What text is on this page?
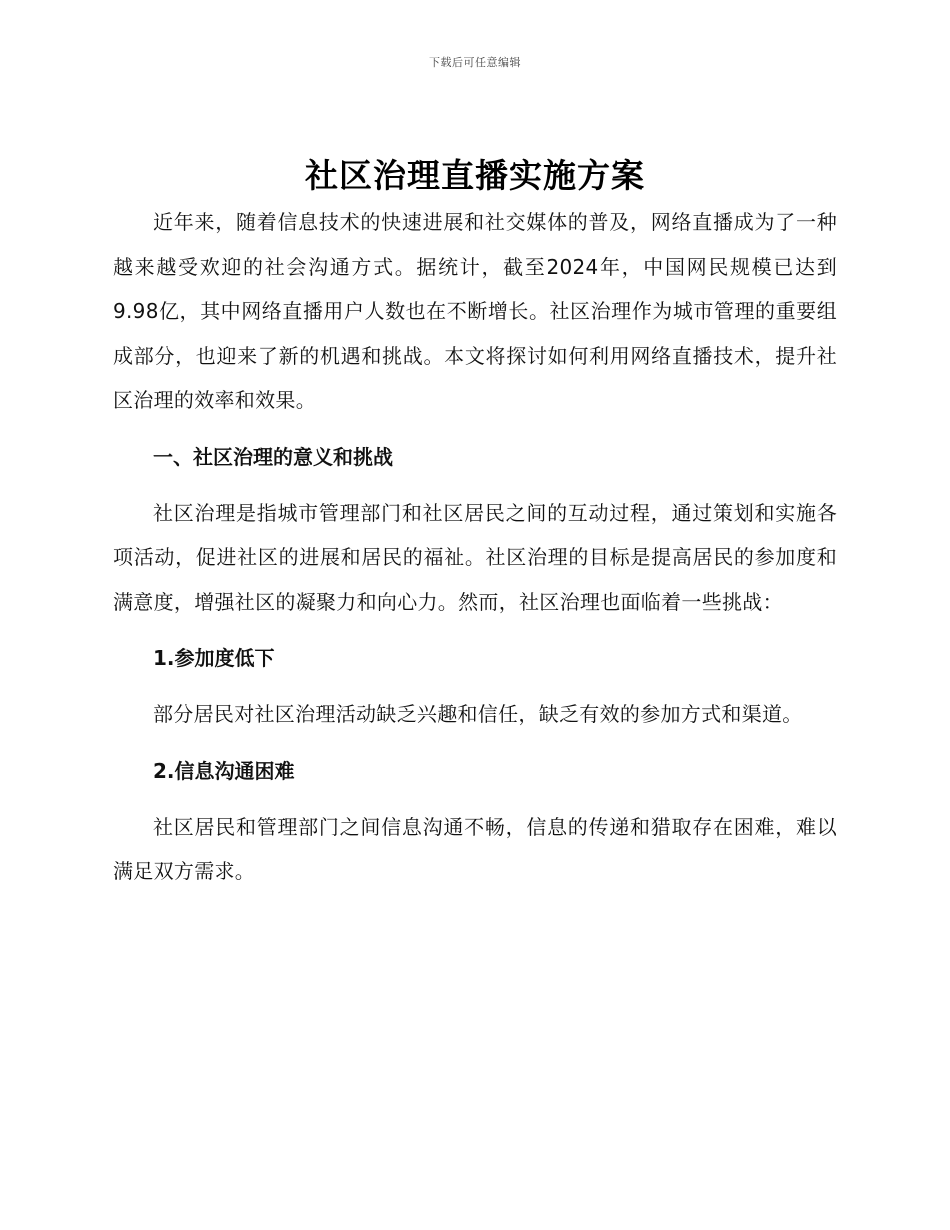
下载后可任意编辑
社区治理直播实施方案

近年来，随着信息技术的快速进展和社交媒体的普及，网络直播成为了一种越来越受欢迎的社会沟通方式。据统计，截至2024年，中国网民规模已达到9.98亿，其中网络直播用户人数也在不断增长。社区治理作为城市管理的重要组成部分，也迎来了新的机遇和挑战。本文将探讨如何利用网络直播技术，提升社区治理的效率和效果。

一、社区治理的意义和挑战

社区治理是指城市管理部门和社区居民之间的互动过程，通过策划和实施各项活动，促进社区的进展和居民的福祉。社区治理的目标是提高居民的参加度和满意度，增强社区的凝聚力和向心力。然而，社区治理也面临着一些挑战：

1.参加度低下

部分居民对社区治理活动缺乏兴趣和信任，缺乏有效的参加方式和渠道。

2.信息沟通困难

社区居民和管理部门之间信息沟通不畅，信息的传递和猎取存在困难，难以满足双方需求。
